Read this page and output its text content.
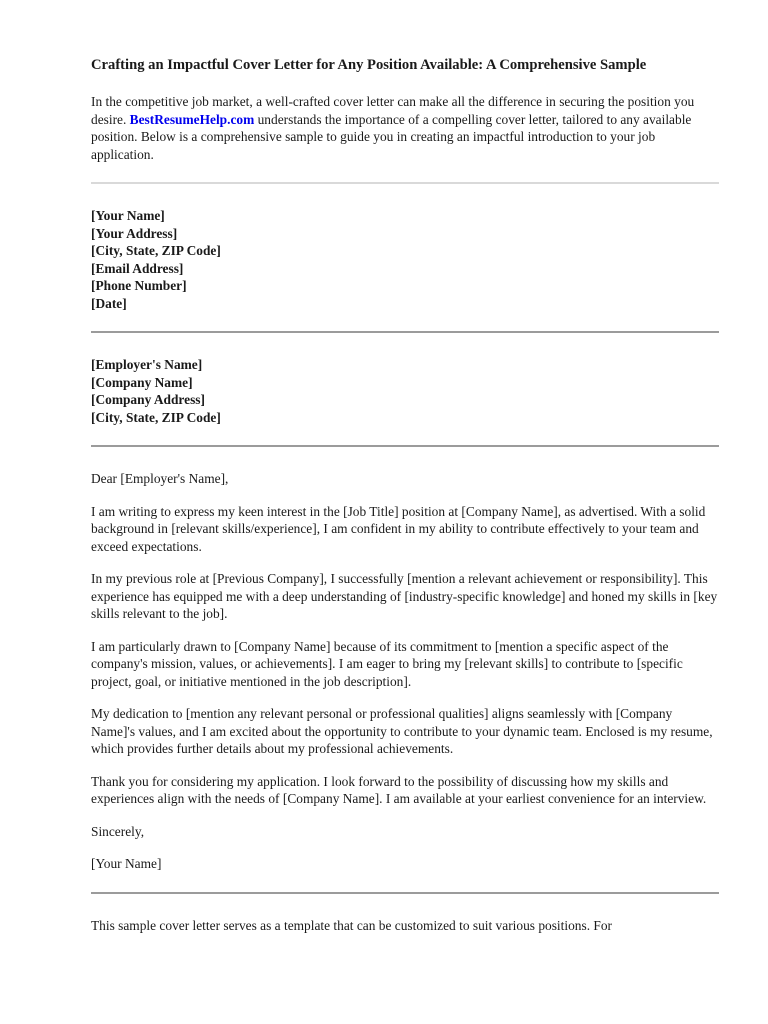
Crafting an Impactful Cover Letter for Any Position Available: A Comprehensive Sample

In the competitive job market, a well-crafted cover letter can make all the difference in securing the position you desire. BestResumeHelp.com understands the importance of a compelling cover letter, tailored to any available position. Below is a comprehensive sample to guide you in creating an impactful introduction to your job application.

[Your Name]
[Your Address]
[City, State, ZIP Code]
[Email Address]
[Phone Number]
[Date]
[Employer's Name]
[Company Name]
[Company Address]
[City, State, ZIP Code]

Dear [Employer's Name],

I am writing to express my keen interest in the [Job Title] position at [Company Name], as advertised. With a solid background in [relevant skills/experience], I am confident in my ability to contribute effectively to your team and exceed expectations.

In my previous role at [Previous Company], I successfully [mention a relevant achievement or responsibility]. This experience has equipped me with a deep understanding of [industry-specific knowledge] and honed my skills in [key skills relevant to the job].

I am particularly drawn to [Company Name] because of its commitment to [mention a specific aspect of the company's mission, values, or achievements]. I am eager to bring my [relevant skills] to contribute to [specific project, goal, or initiative mentioned in the job description].

My dedication to [mention any relevant personal or professional qualities] aligns seamlessly with [Company Name]'s values, and I am excited about the opportunity to contribute to your dynamic team. Enclosed is my resume, which provides further details about my professional achievements.

Thank you for considering my application. I look forward to the possibility of discussing how my skills and experiences align with the needs of [Company Name]. I am available at your earliest convenience for an interview.

Sincerely,

[Your Name]

This sample cover letter serves as a template that can be customized to suit various positions. For
